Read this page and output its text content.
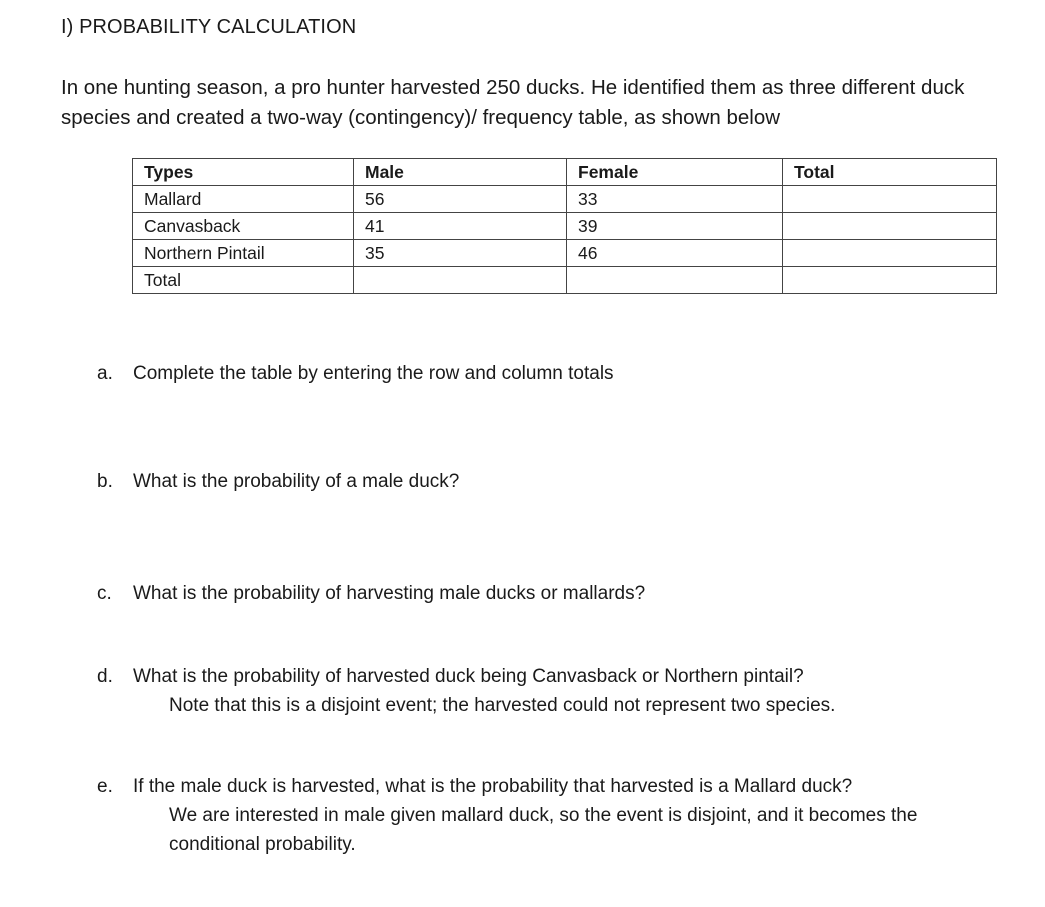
I) PROBABILITY CALCULATION
In one hunting season, a pro hunter harvested 250 ducks. He identified them as three different duck species and created a two-way (contingency)/ frequency table, as shown below
Types	Male	Female	Total
Mallard	56	33	
Canvasback	41	39	
Northern Pintail	35	46	
Total			
a. Complete the table by entering the row and column totals
b. What is the probability of a male duck?
c. What is the probability of harvesting male ducks or mallards?
d. What is the probability of harvested duck being Canvasback or Northern pintail?
Note that this is a disjoint event; the harvested could not represent two species.
e. If the male duck is harvested, what is the probability that harvested is a Mallard duck?
We are interested in male given mallard duck, so the event is disjoint, and it becomes the conditional probability.
